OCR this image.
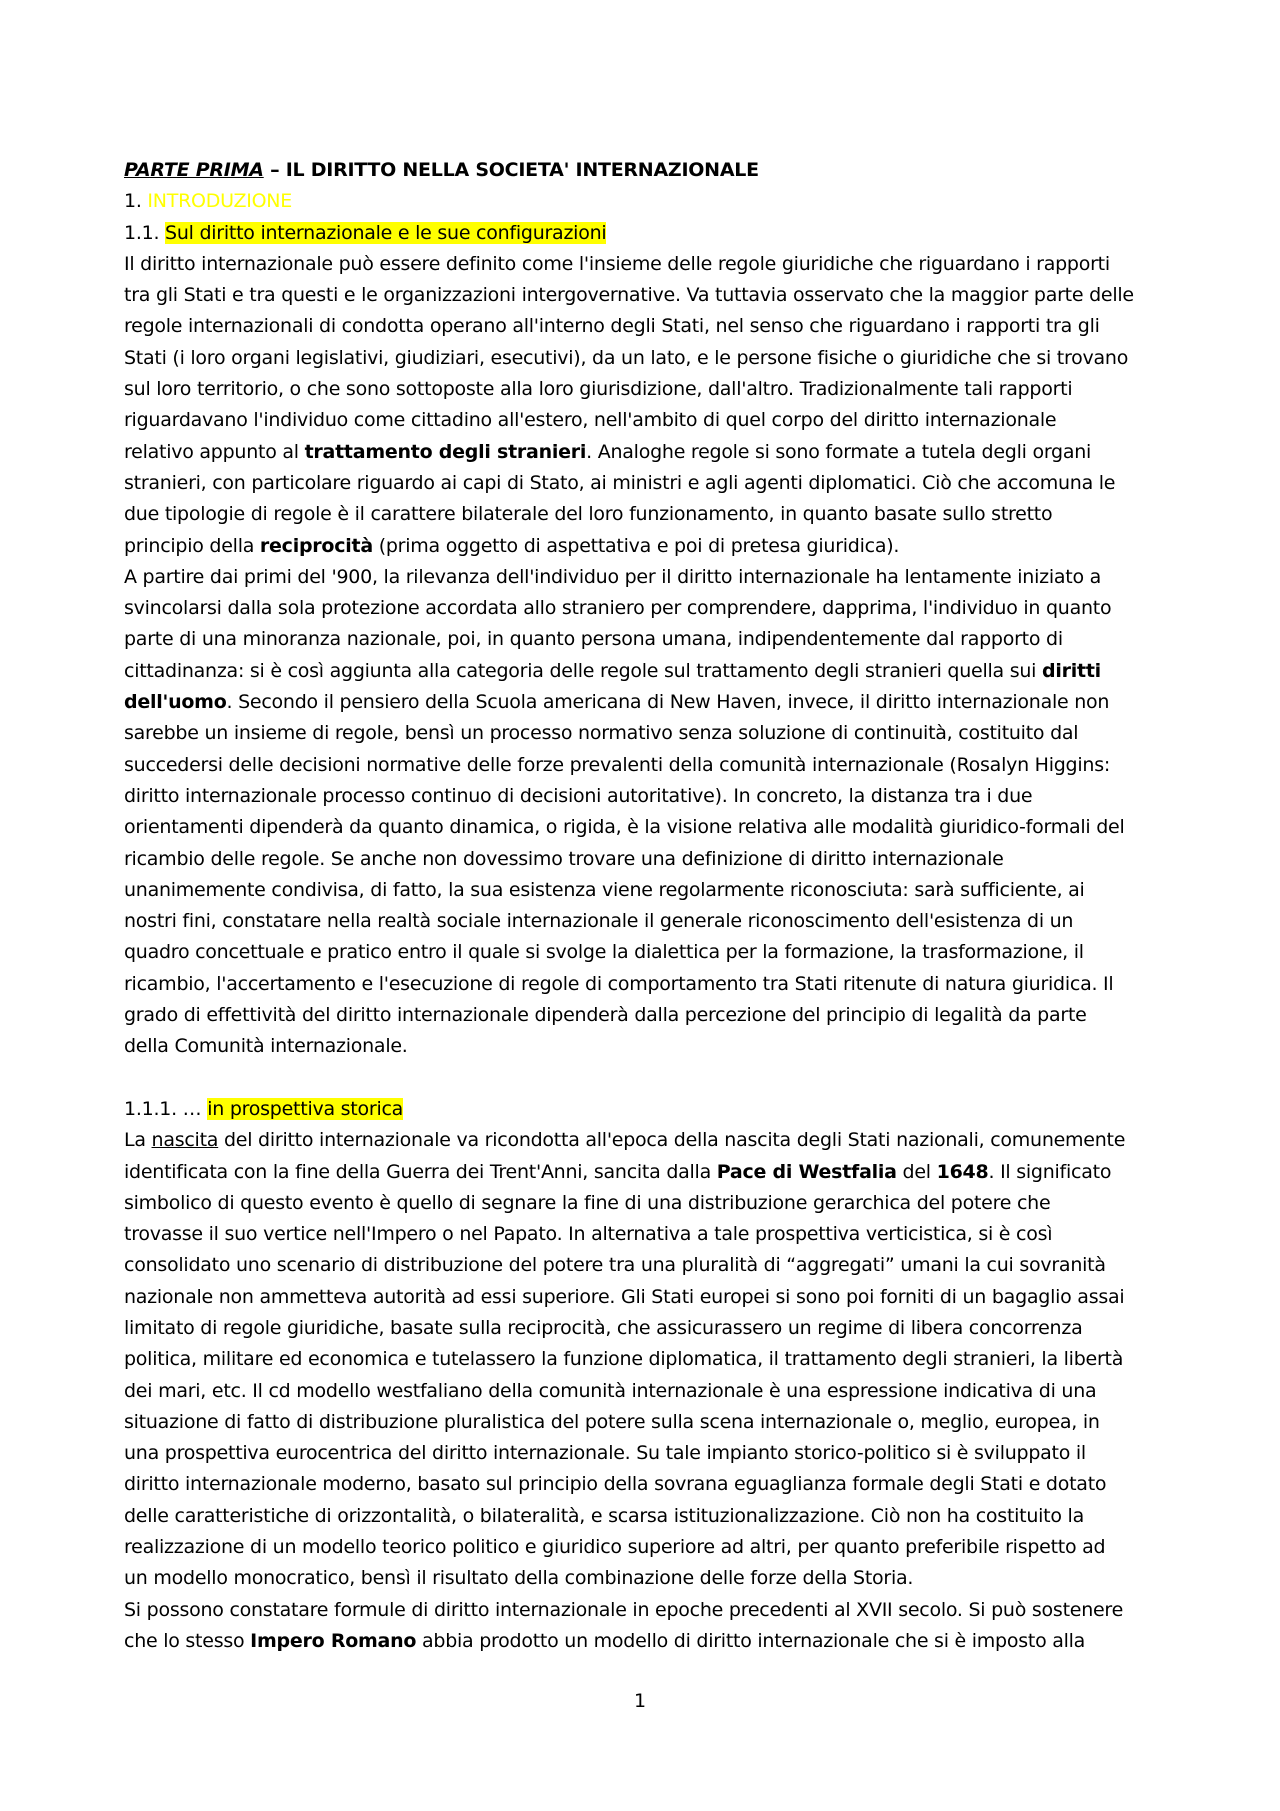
PARTE PRIMA – IL DIRITTO NELLA SOCIETA' INTERNAZIONALE
1. INTRODUZIONE
1.1. Sul diritto internazionale e le sue configurazioni
Il diritto internazionale può essere definito come l'insieme delle regole giuridiche che riguardano i rapporti
tra gli Stati e tra questi e le organizzazioni intergovernative. Va tuttavia osservato che la maggior parte delle
regole internazionali di condotta operano all'interno degli Stati, nel senso che riguardano i rapporti tra gli
Stati (i loro organi legislativi, giudiziari, esecutivi), da un lato, e le persone fisiche o giuridiche che si trovano
sul loro territorio, o che sono sottoposte alla loro giurisdizione, dall'altro. Tradizionalmente tali rapporti
riguardavano l'individuo come cittadino all'estero, nell'ambito di quel corpo del diritto internazionale
relativo appunto al trattamento degli stranieri. Analoghe regole si sono formate a tutela degli organi
stranieri, con particolare riguardo ai capi di Stato, ai ministri e agli agenti diplomatici. Ciò che accomuna le
due tipologie di regole è il carattere bilaterale del loro funzionamento, in quanto basate sullo stretto
principio della reciprocità (prima oggetto di aspettativa e poi di pretesa giuridica).
A partire dai primi del '900, la rilevanza dell'individuo per il diritto internazionale ha lentamente iniziato a
svincolarsi dalla sola protezione accordata allo straniero per comprendere, dapprima, l'individuo in quanto
parte di una minoranza nazionale, poi, in quanto persona umana, indipendentemente dal rapporto di
cittadinanza: si è così aggiunta alla categoria delle regole sul trattamento degli stranieri quella sui diritti
dell'uomo. Secondo il pensiero della Scuola americana di New Haven, invece, il diritto internazionale non
sarebbe un insieme di regole, bensì un processo normativo senza soluzione di continuità, costituito dal
succedersi delle decisioni normative delle forze prevalenti della comunità internazionale (Rosalyn Higgins:
diritto internazionale processo continuo di decisioni autoritative). In concreto, la distanza tra i due
orientamenti dipenderà da quanto dinamica, o rigida, è la visione relativa alle modalità giuridico-formali del
ricambio delle regole. Se anche non dovessimo trovare una definizione di diritto internazionale
unanimemente condivisa, di fatto, la sua esistenza viene regolarmente riconosciuta: sarà sufficiente, ai
nostri fini, constatare nella realtà sociale internazionale il generale riconoscimento dell'esistenza di un
quadro concettuale e pratico entro il quale si svolge la dialettica per la formazione, la trasformazione, il
ricambio, l'accertamento e l'esecuzione di regole di comportamento tra Stati ritenute di natura giuridica. Il
grado di effettività del diritto internazionale dipenderà dalla percezione del principio di legalità da parte
della Comunità internazionale.
1.1.1. … in prospettiva storica
La nascita del diritto internazionale va ricondotta all'epoca della nascita degli Stati nazionali, comunemente
identificata con la fine della Guerra dei Trent'Anni, sancita dalla Pace di Westfalia del 1648. Il significato
simbolico di questo evento è quello di segnare la fine di una distribuzione gerarchica del potere che
trovasse il suo vertice nell'Impero o nel Papato. In alternativa a tale prospettiva verticistica, si è così
consolidato uno scenario di distribuzione del potere tra una pluralità di “aggregati” umani la cui sovranità
nazionale non ammetteva autorità ad essi superiore. Gli Stati europei si sono poi forniti di un bagaglio assai
limitato di regole giuridiche, basate sulla reciprocità, che assicurassero un regime di libera concorrenza
politica, militare ed economica e tutelassero la funzione diplomatica, il trattamento degli stranieri, la libertà
dei mari, etc. Il cd modello westfaliano della comunità internazionale è una espressione indicativa di una
situazione di fatto di distribuzione pluralistica del potere sulla scena internazionale o, meglio, europea, in
una prospettiva eurocentrica del diritto internazionale. Su tale impianto storico-politico si è sviluppato il
diritto internazionale moderno, basato sul principio della sovrana eguaglianza formale degli Stati e dotato
delle caratteristiche di orizzontalità, o bilateralità, e scarsa istituzionalizzazione. Ciò non ha costituito la
realizzazione di un modello teorico politico e giuridico superiore ad altri, per quanto preferibile rispetto ad
un modello monocratico, bensì il risultato della combinazione delle forze della Storia.
Si possono constatare formule di diritto internazionale in epoche precedenti al XVII secolo. Si può sostenere
che lo stesso Impero Romano abbia prodotto un modello di diritto internazionale che si è imposto alla
1
